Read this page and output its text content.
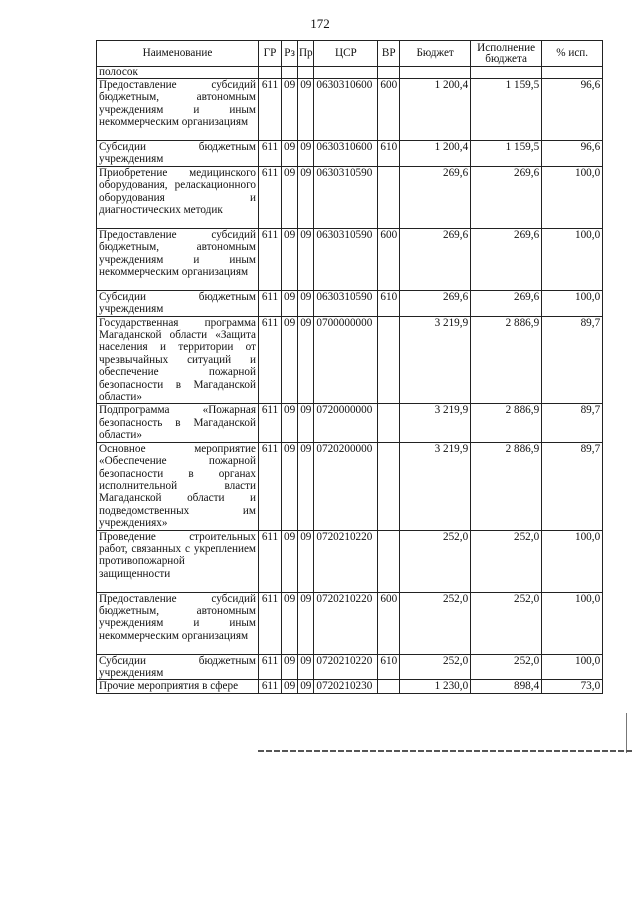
172
Наименование	ГР	Рз	Пр	ЦСР	ВР	Бюджет	Исполнение бюджета	% исп.
полосок								
Предоставление субсидий бюджетным, автономным учреждениям и иным некоммерческим организациям	611	09	09	0630310600	600	1 200,4	1 159,5	96,6
Субсидии бюджетным учреждениям	611	09	09	0630310600	610	1 200,4	1 159,5	96,6
Приобретение медицинского оборудования, реласкационного оборудования и диагностических методик	611	09	09	0630310590		269,6	269,6	100,0
Предоставление субсидий бюджетным, автономным учреждениям и иным некоммерческим организациям	611	09	09	0630310590	600	269,6	269,6	100,0
Субсидии бюджетным учреждениям	611	09	09	0630310590	610	269,6	269,6	100,0
Государственная программа Магаданской области «Защита населения и территории от чрезвычайных ситуаций и обеспечение пожарной безопасности в Магаданской области»	611	09	09	0700000000		3 219,9	2 886,9	89,7
Подпрограмма «Пожарная безопасность в Магаданской области»	611	09	09	0720000000		3 219,9	2 886,9	89,7
Основное мероприятие «Обеспечение пожарной безопасности в органах исполнительной власти Магаданской области и подведомственных им учреждениях»	611	09	09	0720200000		3 219,9	2 886,9	89,7
Проведение строительных работ, связанных с укреплением противопожарной защищенности	611	09	09	0720210220		252,0	252,0	100,0
Предоставление субсидий бюджетным, автономным учреждениям и иным некоммерческим организациям	611	09	09	0720210220	600	252,0	252,0	100,0
Субсидии бюджетным учреждениям	611	09	09	0720210220	610	252,0	252,0	100,0
Прочие мероприятия в сфере	611	09	09	0720210230		1 230,0	898,4	73,0
